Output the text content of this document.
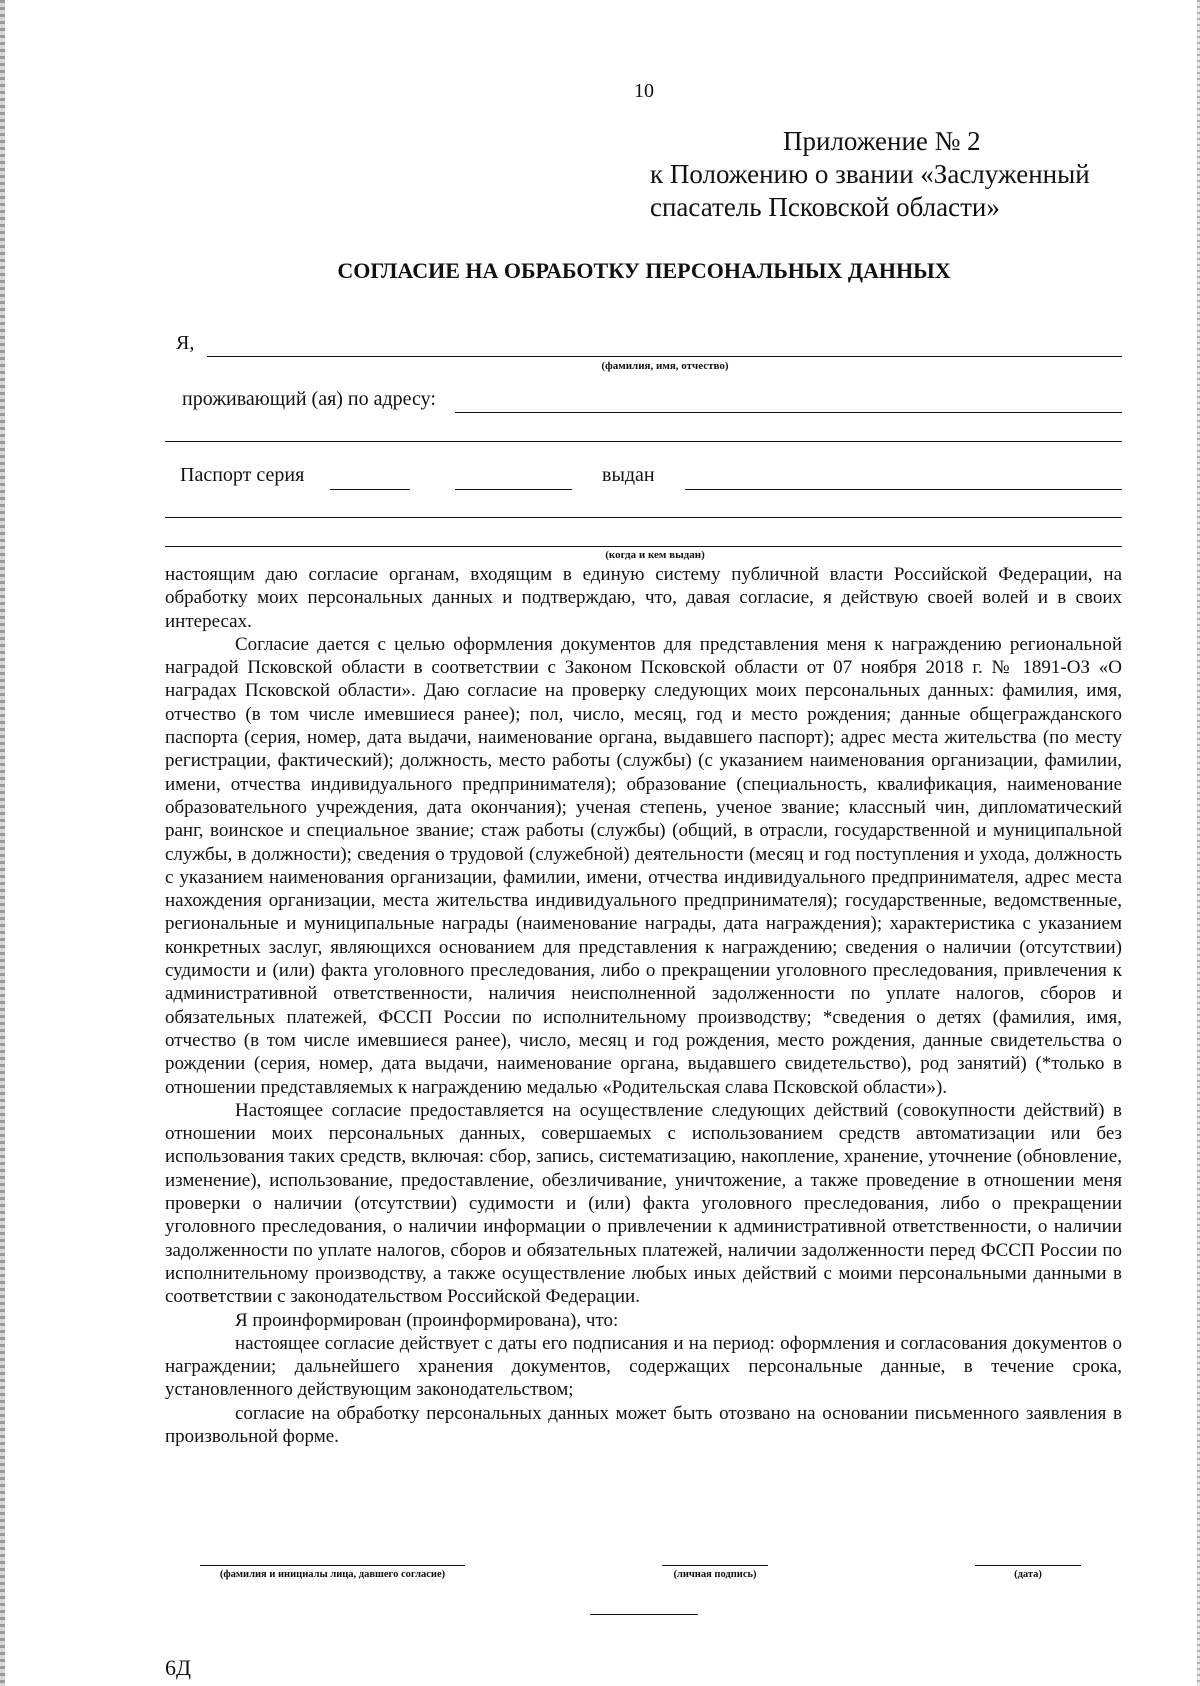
10
Приложение № 2
к Положению о звании «Заслуженный
спасатель Псковской области»
СОГЛАСИЕ НА ОБРАБОТКУ ПЕРСОНАЛЬНЫХ ДАННЫХ
Я,
(фамилия, имя, отчество)
проживающий (ая) по адресу:
Паспорт серия	выдан
(когда и кем выдан)

настоящим даю согласие органам, входящим в единую систему публичной власти Российской Федерации, на обработку моих персональных данных и подтверждаю, что, давая согласие, я действую своей волей и в своих интересах.

Согласие дается с целью оформления документов для представления меня к награждению региональной наградой Псковской области в соответствии с Законом Псковской области от 07 ноября 2018 г. № 1891-ОЗ «О наградах Псковской области». Даю согласие на проверку следующих моих персональных данных: фамилия, имя, отчество (в том числе имевшиеся ранее); пол, число, месяц, год и место рождения; данные общегражданского паспорта (серия, номер, дата выдачи, наименование органа, выдавшего паспорт); адрес места жительства (по месту регистрации, фактический); должность, место работы (службы) (с указанием наименования организации, фамилии, имени, отчества индивидуального предпринимателя); образование (специальность, квалификация, наименование образовательного учреждения, дата окончания); ученая степень, ученое звание; классный чин, дипломатический ранг, воинское и специальное звание; стаж работы (службы) (общий, в отрасли, государственной и муниципальной службы, в должности); сведения о трудовой (служебной) деятельности (месяц и год поступления и ухода, должность с указанием наименования организации, фамилии, имени, отчества индивидуального предпринимателя, адрес места нахождения организации, места жительства индивидуального предпринимателя); государственные, ведомственные, региональные и муниципальные награды (наименование награды, дата награждения); характеристика с указанием конкретных заслуг, являющихся основанием для представления к награждению; сведения о наличии (отсутствии) судимости и (или) факта уголовного преследования, либо о прекращении уголовного преследования, привлечения к административной ответственности, наличия неисполненной задолженности по уплате налогов, сборов и обязательных платежей, ФССП России по исполнительному производству; *сведения о детях (фамилия, имя, отчество (в том числе имевшиеся ранее), число, месяц и год рождения, место рождения, данные свидетельства о рождении (серия, номер, дата выдачи, наименование органа, выдавшего свидетельство), род занятий) (*только в отношении представляемых к награждению медалью «Родительская слава Псковской области»).

Настоящее согласие предоставляется на осуществление следующих действий (совокупности действий) в отношении моих персональных данных, совершаемых с использованием средств автоматизации или без использования таких средств, включая: сбор, запись, систематизацию, накопление, хранение, уточнение (обновление, изменение), использование, предоставление, обезличивание, уничтожение, а также проведение в отношении меня проверки о наличии (отсутствии) судимости и (или) факта уголовного преследования, либо о прекращении уголовного преследования, о наличии информации о привлечении к административной ответственности, о наличии задолженности по уплате налогов, сборов и обязательных платежей, наличии задолженности перед ФССП России по исполнительному производству, а также осуществление любых иных действий с моими персональными данными в соответствии с законодательством Российской Федерации.

Я проинформирован (проинформирована), что:

настоящее согласие действует с даты его подписания и на период: оформления и согласования документов о награждении; дальнейшего хранения документов, содержащих персональные данные, в течение срока, установленного действующим законодательством;

согласие на обработку персональных данных может быть отозвано на основании письменного заявления в произвольной форме.

(фамилия и инициалы лица, давшего согласие)	(личная подпись)	(дата)
6Д
